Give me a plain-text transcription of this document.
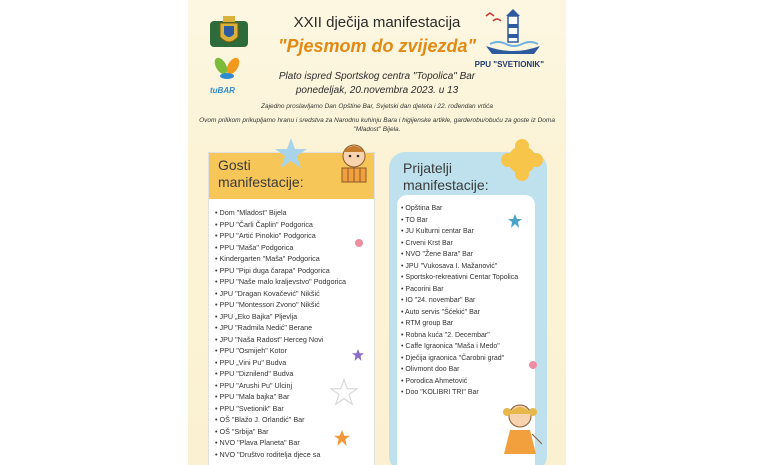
tuBAR
PPU "SVETIONIK"
XXII dječija manifestacija
"Pjesmom do zvijezda"
Plato ispred Sportskog centra "Topolica" Bar
ponedeljak, 20.novembra 2023. u 13
Zajedno proslavljamo Dan Opštine Bar, Svjetski dan djeteta i 22. rođendan vrtića
Ovom prilikom prikupljamo hranu i sredstva za Narodnu kuhinju Bara i higijenske artikle, garderobu/obuću za goste iz Doma "Mladost" Bijela.
Gosti
manifestacije:
• Dom "Mladost" Bijela
• PPU "Čarli Čaplin" Podgorica
• PPU "Artić Pinokio" Podgorica
• PPU "Maša" Podgorica
• Kindergarten "Maša" Podgorica
• PPU "Pipi duga čarapa" Podgorica
• PPU "Naše malo kraljevstvo" Podgorica
• JPU "Dragan Kovačević" Nikšić
• PPU "Montessori Zvono" Nikšić
• JPU „Eko Bajka" Pljevlja
• JPU "Radmila Nedić" Berane
• JPU "Naša Radost" Herceg Novi
• PPU "Osmijeh" Kotor
• PPU „Vini Pu" Budva
• PPU "Diznilend" Budva
• PPU "Arushi Pu" Ulcinj
• PPU "Mala bajka" Bar
• PPU "Svetionik" Bar
• OŠ "Blažo J. Orlandić" Bar
• OŠ "Srbija" Bar
• NVO "Plava Planeta" Bar
• NVO "Društvo roditelja djece sa
Prijatelji
manifestacije:
• Opština Bar
• TO Bar
• JU Kulturni centar Bar
• Crveni Krst Bar
• NVO "Žene Bara" Bar
• JPU "Vukosava I. Mažanović"
• Sportsko-rekreativni Centar Topolica
• Pacorini Bar
• IO "24. novembar" Bar
• Auto servis "Šćekić" Bar
• RTM group Bar
• Robna kuća "2. Decembar"
• Caffe Igraonica "Maša i Medo"
• Dječija igraonica "Čarobni grad"
• Olivmont doo Bar
• Porodica Ahmetović
• Doo "KOLIBRI TRI" Bar
